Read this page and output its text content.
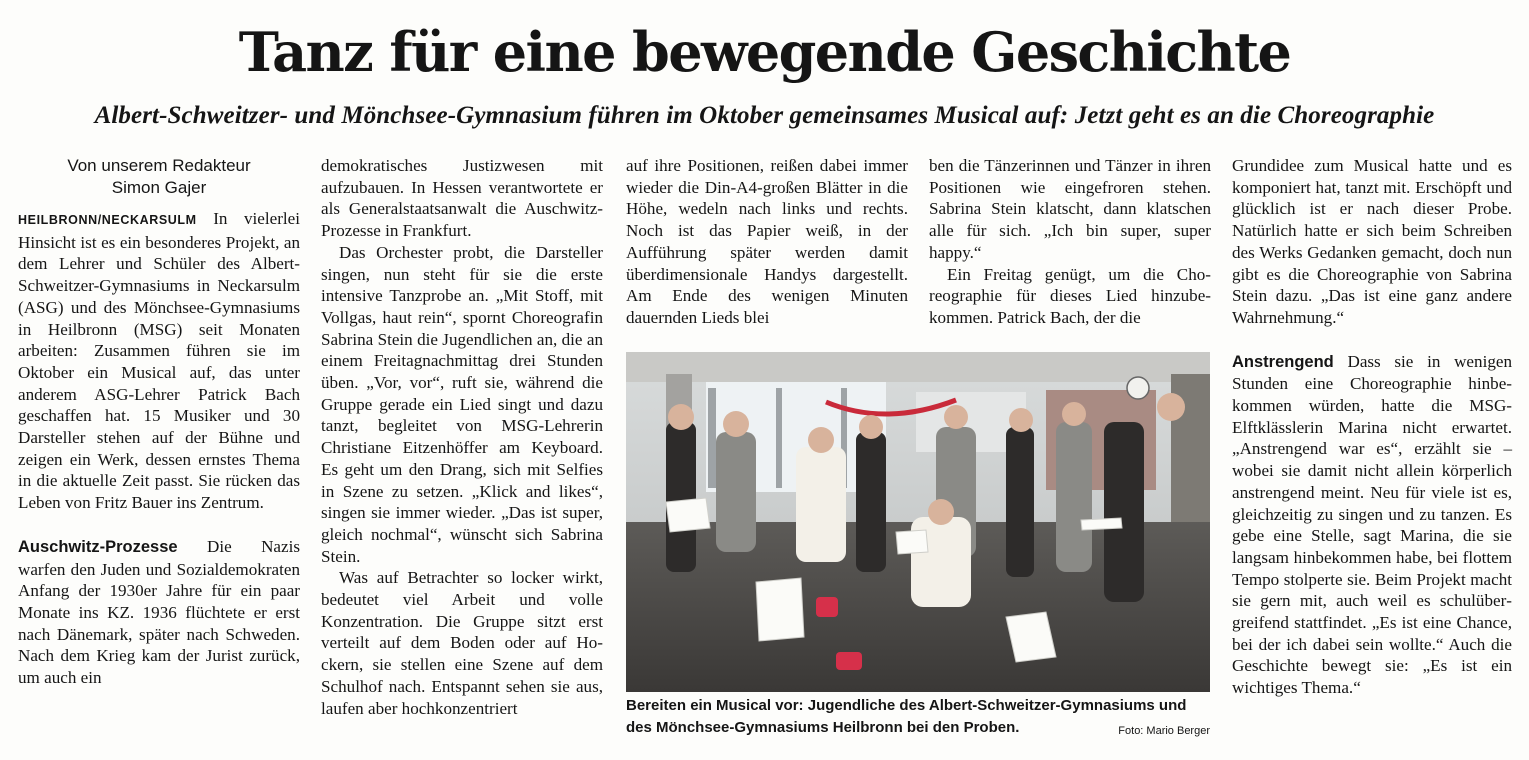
Tanz für eine bewegende Geschichte
Albert-Schweitzer- und Mönchsee-Gymnasium führen im Oktober gemeinsames Musical auf: Jetzt geht es an die Choreographie
Von unserem Redakteur
Simon Gajer

HEILBRONN/NECKARSULM In vielerlei Hinsicht ist es ein besonderes Projekt, an dem Lehrer und Schüler des Albert-Schweitzer-Gymnasiums in Neckarsulm (ASG) und des Mönchsee-Gymnasiums in Heilbronn (MSG) seit Monaten arbeiten: Zusammen führen sie im Oktober ein Musical auf, das unter anderem ASG-Lehrer Patrick Bach geschaffen hat. 15 Musiker und 30 Darsteller stehen auf der Bühne und zeigen ein Werk, dessen ernstes Thema in die aktuelle Zeit passt. Sie rücken das Leben von Fritz Bauer ins Zentrum.

Auschwitz-Prozesse Die Nazis warfen den Juden und Sozialdemokraten Anfang der 1930er Jahre für ein paar Monate ins KZ. 1936 flüchtete er erst nach Dänemark, später nach Schweden. Nach dem Krieg kam der Jurist zurück, um auch ein

demokratisches Justizwesen mit aufzubauen. In Hessen verantwortete er als Generalstaatsanwalt die Auschwitz-Prozesse in Frankfurt.

Das Orchester probt, die Darsteller singen, nun steht für sie die erste intensive Tanzprobe an. „Mit Stoff, mit Vollgas, haut rein“, spornt Choreografin Sabrina Stein die Jugendlichen an, die an einem Freitagnachmittag drei Stunden üben. „Vor, vor“, ruft sie, während die Gruppe gerade ein Lied singt und dazu tanzt, begleitet von MSG-Lehrerin Christiane Eitzenhöffer am Keyboard. Es geht um den Drang, sich mit Selfies in Szene zu setzen. „Klick and likes“, singen sie immer wieder. „Das ist super, gleich nochmal“, wünscht sich Sabrina Stein.

Was auf Betrachter so locker wirkt, bedeutet viel Arbeit und volle Konzentration. Die Gruppe sitzt erst verteilt auf dem Boden oder auf Hockern, sie stellen eine Szene auf dem Schulhof nach. Entspannt sehen sie aus, laufen aber hochkonzentriert

auf ihre Positionen, reißen dabei immer wieder die Din-A4-großen Blätter in die Höhe, wedeln nach links und rechts. Noch ist das Papier weiß, in der Aufführung später werden damit überdimensionale Handys dargestellt. Am Ende des wenigen Minuten dauernden Lieds blei

ben die Tänzerinnen und Tänzer in ihren Positionen wie eingefroren stehen. Sabrina Stein klatscht, dann klatschen alle für sich. „Ich bin super, super happy.“

Ein Freitag genügt, um die Choreographie für dieses Lied hinzubekommen. Patrick Bach, der die

Grundidee zum Musical hatte und es komponiert hat, tanzt mit. Erschöpft und glücklich ist er nach dieser Probe. Natürlich hatte er sich beim Schreiben des Werks Gedanken gemacht, doch nun gibt es die Choreographie von Sabrina Stein dazu. „Das ist eine ganz andere Wahrnehmung.“

Anstrengend Dass sie in wenigen Stunden eine Choreographie hinbekommen würden, hatte die MSG-Elftklässlerin Marina nicht erwartet. „Anstrengend war es“, erzählt sie – wobei sie damit nicht allein körperlich anstrengend meint. Neu für viele ist es, gleichzeitig zu singen und zu tanzen. Es gebe eine Stelle, sagt Marina, die sie langsam hinbekommen habe, bei flottem Tempo stolperte sie. Beim Projekt macht sie gern mit, auch weil es schulübergreifend stattfindet. „Es ist eine Chance, bei der ich dabei sein wollte.“ Auch die Geschichte bewegt sie: „Es ist ein wichtiges Thema.“

Bereiten ein Musical vor: Jugendliche des Albert-Schweitzer-Gymnasiums und des Mönchsee-Gymnasiums Heilbronn bei den Proben.	Foto: Mario Berger
